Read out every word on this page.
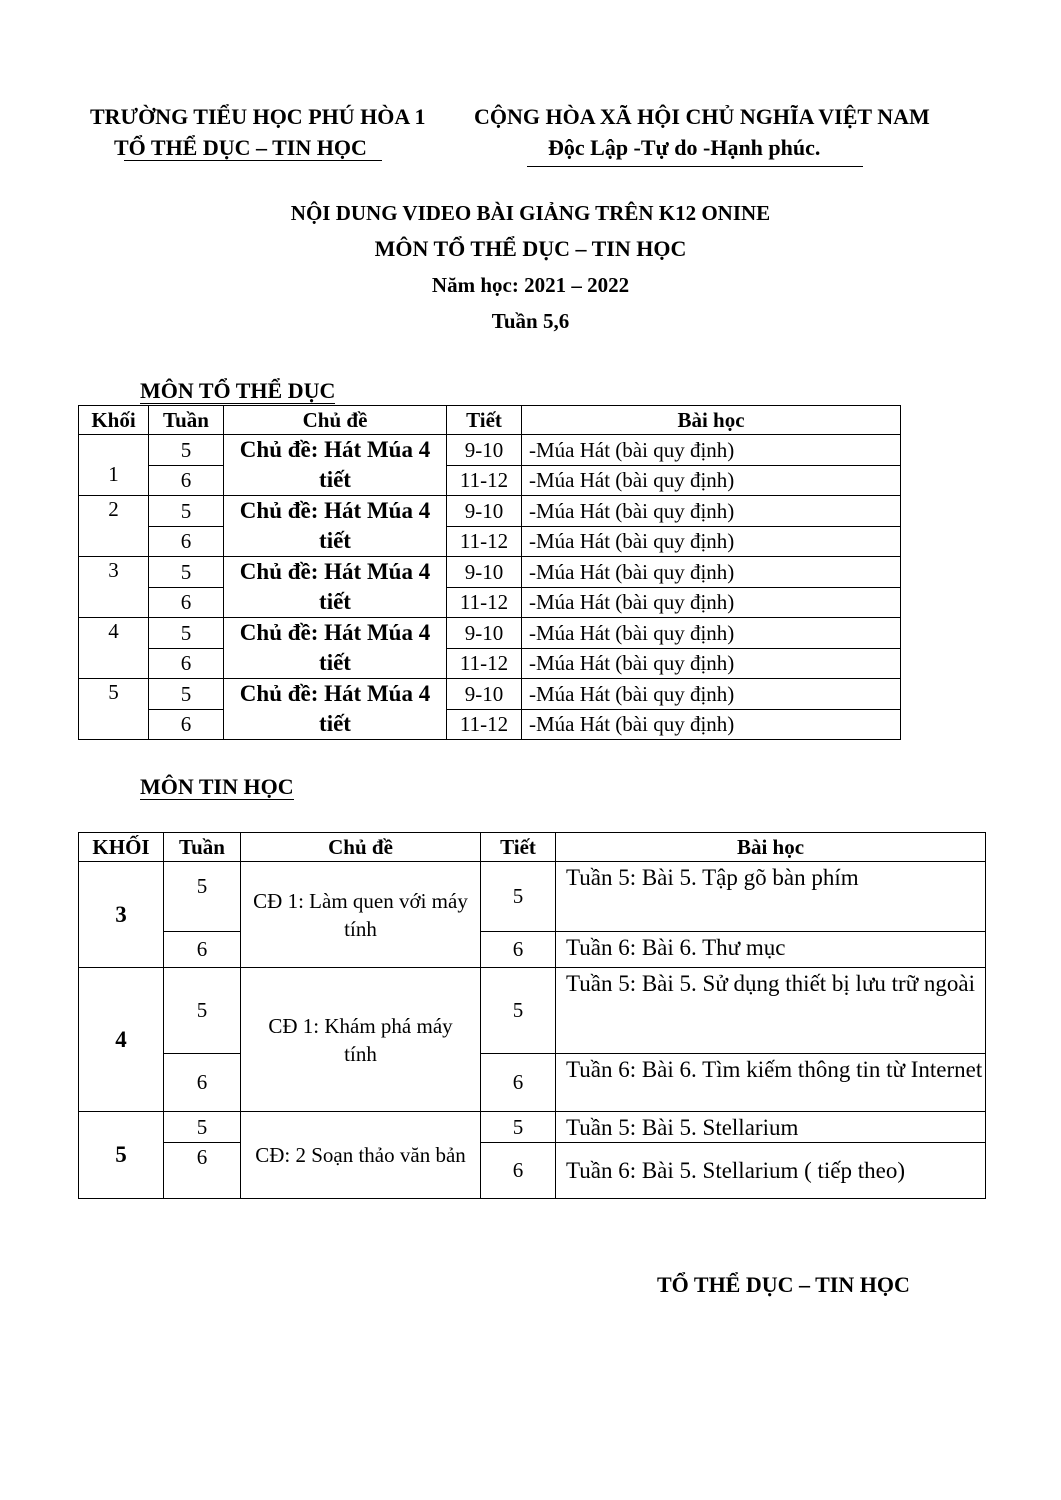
TRƯỜNG TIỂU HỌC PHÚ HÒA 1
TỔ THỂ DỤC – TIN HỌC
CỘNG HÒA XÃ HỘI CHỦ NGHĨA VIỆT NAM
Độc Lập -Tự do -Hạnh phúc.
NỘI DUNG VIDEO BÀI GIẢNG TRÊN K12 ONINE
MÔN TỔ THỂ DỤC – TIN HỌC
Năm học: 2021 – 2022
Tuần 5,6
MÔN TỔ THỂ DỤC
Khối	Tuần	Chủ đề	Tiết	Bài học
1	5	Chủ đề: Hát Múa 4 tiết	9-10	-Múa Hát (bài quy định)
	6		11-12	-Múa Hát (bài quy định)
2	5	Chủ đề: Hát Múa 4 tiết	9-10	-Múa Hát (bài quy định)
	6		11-12	-Múa Hát (bài quy định)
3	5	Chủ đề: Hát Múa 4 tiết	9-10	-Múa Hát (bài quy định)
	6		11-12	-Múa Hát (bài quy định)
4	5	Chủ đề: Hát Múa 4 tiết	9-10	-Múa Hát (bài quy định)
	6		11-12	-Múa Hát (bài quy định)
5	5	Chủ đề: Hát Múa 4 tiết	9-10	-Múa Hát (bài quy định)
	6		11-12	-Múa Hát (bài quy định)
MÔN TIN HỌC
KHỐI	Tuần	Chủ đề	Tiết	Bài học
3	5	CĐ 1: Làm quen với máy tính	5	Tuần 5: Bài 5. Tập gõ bàn phím
	6		6	Tuần 6: Bài 6. Thư mục
4	5	CĐ 1: Khám phá máy tính	5	Tuần 5: Bài 5. Sử dụng thiết bị lưu trữ ngoài
	6		6	Tuần 6: Bài 6. Tìm kiếm thông tin từ Internet
5	5	CĐ: 2 Soạn thảo văn bản	5	Tuần 5: Bài 5. Stellarium
	6		6	Tuần 6: Bài 5. Stellarium ( tiếp theo)
TỔ THỂ DỤC – TIN HỌC
